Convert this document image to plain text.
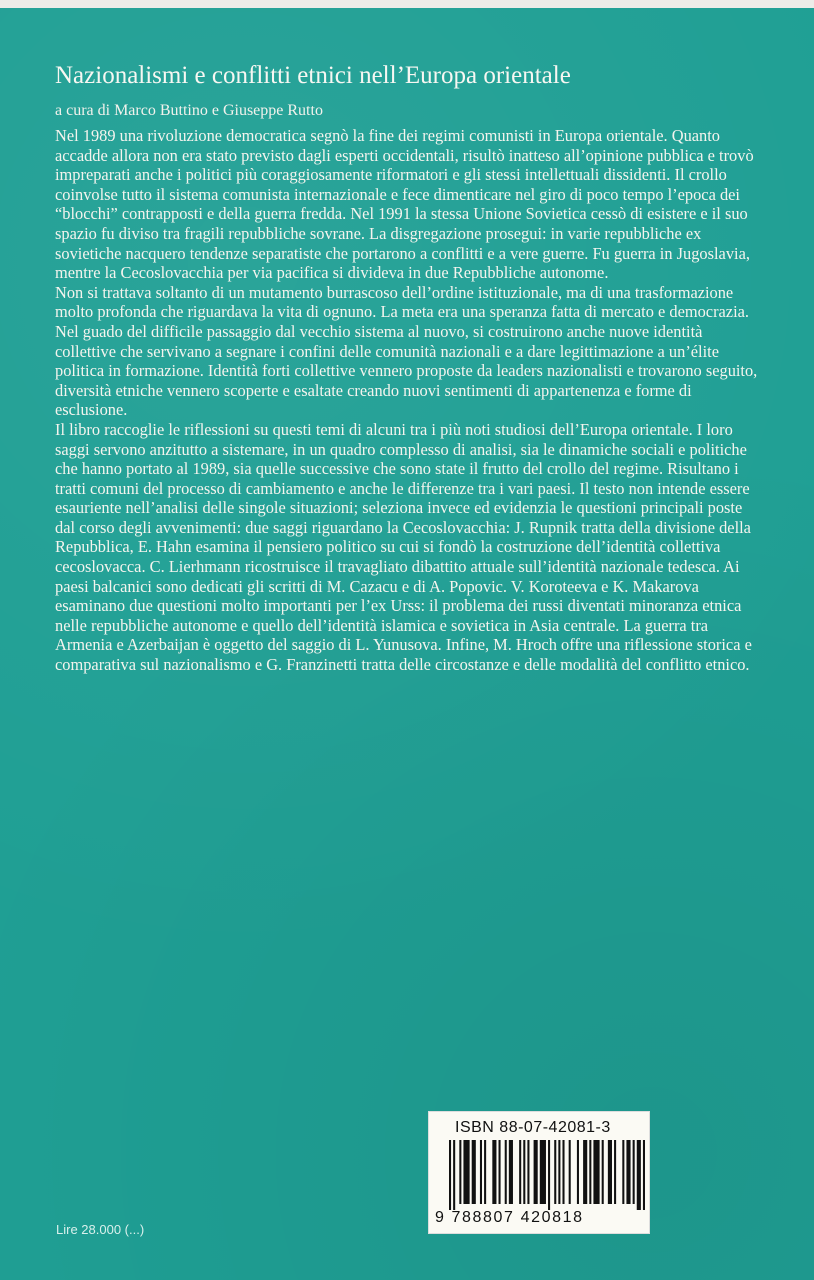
Nazionalismi e conflitti etnici nell’Europa orientale
a cura di Marco Buttino e Giuseppe Rutto

Nel 1989 una rivoluzione democratica segnò la fine dei regimi comunisti in Europa orientale. Quanto accadde allora non era stato previsto dagli esperti occidentali, risultò inatteso all’opinione pubblica e trovò impreparati anche i politici più coraggiosamente riformatori e gli stessi intellettuali dissidenti. Il crollo coinvolse tutto il sistema comunista internazionale e fece dimenticare nel giro di poco tempo l’epoca dei “blocchi” contrapposti e della guerra fredda. Nel 1991 la stessa Unione Sovietica cessò di esistere e il suo spazio fu diviso tra fragili repubbliche sovrane. La disgregazione prosegui: in varie repubbliche ex sovietiche nacquero tendenze separatiste che portarono a conflitti e a vere guerre. Fu guerra in Jugoslavia, mentre la Cecoslovacchia per via pacifica si divideva in due Repubbliche autonome.

Non si trattava soltanto di un mutamento burrascoso dell’ordine istituzionale, ma di una trasformazione molto profonda che riguardava la vita di ognuno. La meta era una speranza fatta di mercato e democrazia. Nel guado del difficile passaggio dal vecchio sistema al nuovo, si costruirono anche nuove identità collettive che servivano a segnare i confini delle comunità nazionali e a dare legittimazione a un’élite politica in formazione. Identità forti collettive vennero proposte da leaders nazionalisti e trovarono seguito, diversità etniche vennero scoperte e esaltate creando nuovi sentimenti di appartenenza e forme di esclusione.

Il libro raccoglie le riflessioni su questi temi di alcuni tra i più noti studiosi dell’Europa orientale. I loro saggi servono anzitutto a sistemare, in un quadro complesso di analisi, sia le dinamiche sociali e politiche che hanno portato al 1989, sia quelle successive che sono state il frutto del crollo del regime. Risultano i tratti comuni del processo di cambiamento e anche le differenze tra i vari paesi. Il testo non intende essere esauriente nell’analisi delle singole situazioni; seleziona invece ed evidenzia le questioni principali poste dal corso degli avvenimenti: due saggi riguardano la Cecoslovacchia: J. Rupnik tratta della divisione della Repubblica, E. Hahn esamina il pensiero politico su cui si fondò la costruzione dell’identità collettiva cecoslovacca. C. Lierhmann ricostruisce il travagliato dibattito attuale sull’identità nazionale tedesca. Ai paesi balcanici sono dedicati gli scritti di M. Cazacu e di A. Popovic. V. Koroteeva e K. Makarova esaminano due questioni molto importanti per l’ex Urss: il problema dei russi diventati minoranza etnica nelle repubbliche autonome e quello dell’identità islamica e sovietica in Asia centrale. La guerra tra Armenia e Azerbaijan è oggetto del saggio di L. Yunusova. Infine, M. Hroch offre una riflessione storica e comparativa sul nazionalismo e G. Franzinetti tratta delle circostanze e delle modalità del conflitto etnico.

Lire 28.000 (...)
ISBN 88-07-42081-3
9 788807 420818
